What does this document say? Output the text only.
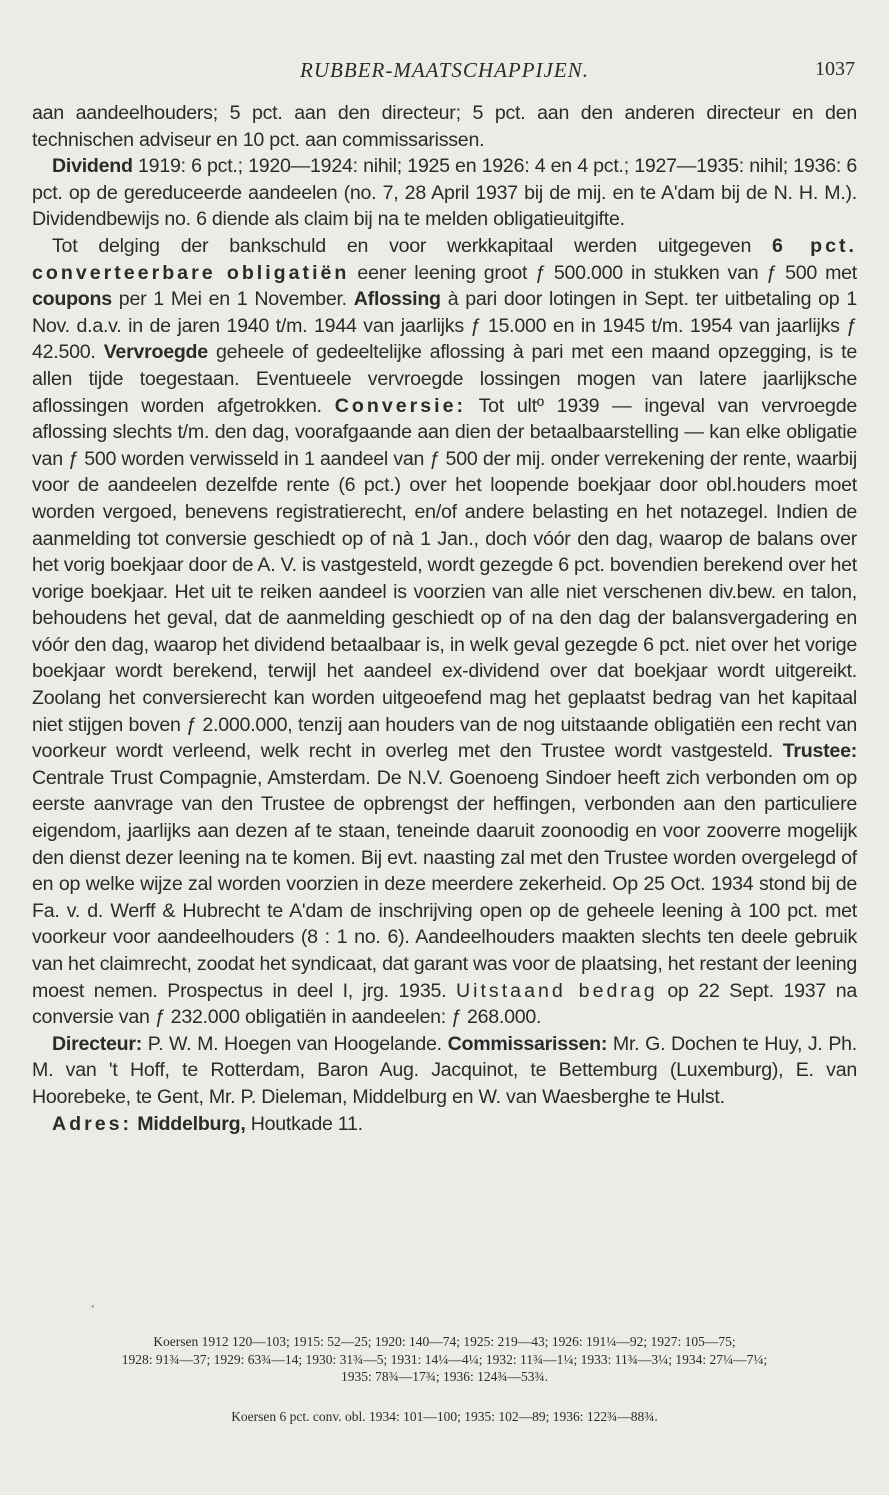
RUBBER-MAATSCHAPPIJEN.	1037

aan aandeelhouders; 5 pct. aan den directeur; 5 pct. aan den anderen directeur en den technischen adviseur en 10 pct. aan commissarissen.

Dividend 1919: 6 pct.; 1920—1924: nihil; 1925 en 1926: 4 en 4 pct.; 1927—1935: nihil; 1936: 6 pct. op de gereduceerde aandeelen (no. 7, 28 April 1937 bij de mij. en te A'dam bij de N. H. M.). Dividendbewijs no. 6 diende als claim bij na te melden obligatieuitgifte.

Tot delging der bankschuld en voor werkkapitaal werden uitgegeven 6 pct. converteerbare obligatiën eener leening groot ƒ 500.000 in stukken van ƒ 500 met coupons per 1 Mei en 1 November. Aflossing à pari door lotingen in Sept. ter uitbetaling op 1 Nov. d.a.v. in de jaren 1940 t/m. 1944 van jaarlijks ƒ 15.000 en in 1945 t/m. 1954 van jaarlijks ƒ 42.500. Vervroegde geheele of gedeeltelijke aflossing à pari met een maand opzegging, is te allen tijde toegestaan. Eventueele vervroegde lossingen mogen van latere jaarlijksche aflossingen worden afgetrokken. Conversie: Tot ultº 1939 — ingeval van vervroegde aflossing slechts t/m. den dag, voorafgaande aan dien der betaalbaarstelling — kan elke obligatie van ƒ 500 worden verwisseld in 1 aandeel van ƒ 500 der mij. onder verrekening der rente, waarbij voor de aandeelen dezelfde rente (6 pct.) over het loopende boekjaar door obl.houders moet worden vergoed, benevens registratierecht, en/of andere belasting en het notazegel. Indien de aanmelding tot conversie geschiedt op of nà 1 Jan., doch vóór den dag, waarop de balans over het vorig boekjaar door de A. V. is vastgesteld, wordt gezegde 6 pct. bovendien berekend over het vorige boekjaar. Het uit te reiken aandeel is voorzien van alle niet verschenen div.bew. en talon, behoudens het geval, dat de aanmelding geschiedt op of na den dag der balansvergadering en vóór den dag, waarop het dividend betaalbaar is, in welk geval gezegde 6 pct. niet over het vorige boekjaar wordt berekend, terwijl het aandeel ex-dividend over dat boekjaar wordt uitgereikt. Zoolang het conversierecht kan worden uitgeoefend mag het geplaatst bedrag van het kapitaal niet stijgen boven ƒ 2.000.000, tenzij aan houders van de nog uitstaande obligatiën een recht van voorkeur wordt verleend, welk recht in overleg met den Trustee wordt vastgesteld. Trustee: Centrale Trust Compagnie, Amsterdam. De N.V. Goenoeng Sindoer heeft zich verbonden om op eerste aanvrage van den Trustee de opbrengst der heffingen, verbonden aan den particuliere eigendom, jaarlijks aan dezen af te staan, teneinde daaruit zoonoodig en voor zooverre mogelijk den dienst dezer leening na te komen. Bij evt. naasting zal met den Trustee worden overgelegd of en op welke wijze zal worden voorzien in deze meerdere zekerheid. Op 25 Oct. 1934 stond bij de Fa. v. d. Werff & Hubrecht te A'dam de inschrijving open op de geheele leening à 100 pct. met voorkeur voor aandeelhouders (8 : 1 no. 6). Aandeelhouders maakten slechts ten deele gebruik van het claimrecht, zoodat het syndicaat, dat garant was voor de plaatsing, het restant der leening moest nemen. Prospectus in deel I, jrg. 1935. Uitstaand bedrag op 22 Sept. 1937 na conversie van ƒ 232.000 obligatiën in aandeelen: ƒ 268.000.

Directeur: P. W. M. Hoegen van Hoogelande. Commissarissen: Mr. G. Dochen te Huy, J. Ph. M. van 't Hoff, te Rotterdam, Baron Aug. Jacquinot, te Bettemburg (Luxemburg), E. van Hoorebeke, te Gent, Mr. P. Dieleman, Middelburg en W. van Waesberghe te Hulst.

Adres: Middelburg, Houtkade 11.

•
Koersen 1912 120—103; 1915: 52—25; 1920: 140—74; 1925: 219—43; 1926: 191¼—92; 1927: 105—75;
1928: 91¾—37; 1929: 63¾—14; 1930: 31¾—5; 1931: 14¼—4¼; 1932: 11¾—1¼; 1933: 11¾—3¼; 1934: 27¼—7¼;
1935: 78¾—17¾; 1936: 124¾—53¾.
Koersen 6 pct. conv. obl. 1934: 101—100; 1935: 102—89; 1936: 122¾—88¾.
